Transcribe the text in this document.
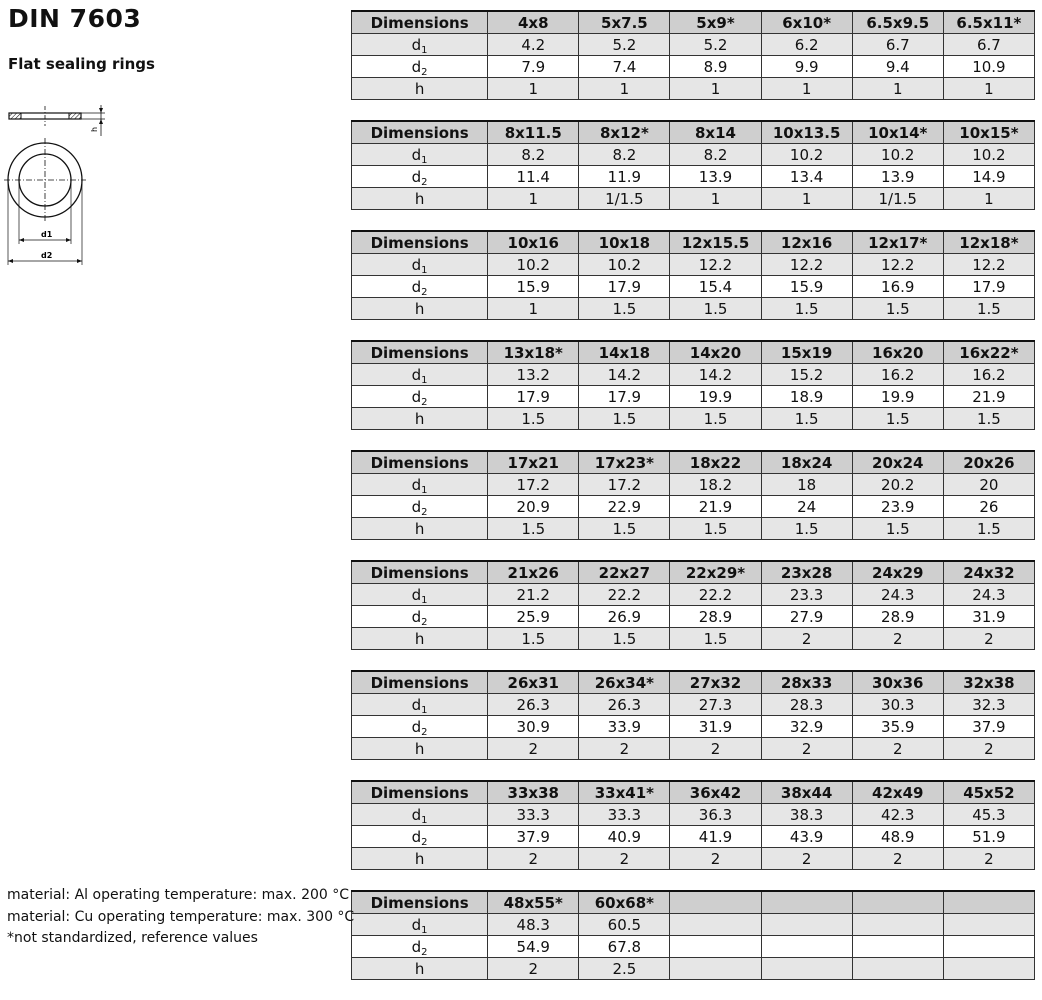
DIN 7603
Flat sealing rings
h
d1
d2
Dimensions	4x8	5x7.5	5x9*	6x10*	6.5x9.5	6.5x11*
$d_1$	4.2	5.2	5.2	6.2	6.7	6.7
$d_2$	7.9	7.4	8.9	9.9	9.4	10.9
h	1	1	1	1	1	1
Dimensions	8x11.5	8x12*	8x14	10x13.5	10x14*	10x15*
$d_1$	8.2	8.2	8.2	10.2	10.2	10.2
$d_2$	11.4	11.9	13.9	13.4	13.9	14.9
h	1	1/1.5	1	1	1/1.5	1
Dimensions	10x16	10x18	12x15.5	12x16	12x17*	12x18*
$d_1$	10.2	10.2	12.2	12.2	12.2	12.2
$d_2$	15.9	17.9	15.4	15.9	16.9	17.9
h	1	1.5	1.5	1.5	1.5	1.5
Dimensions	13x18*	14x18	14x20	15x19	16x20	16x22*
$d_1$	13.2	14.2	14.2	15.2	16.2	16.2
$d_2$	17.9	17.9	19.9	18.9	19.9	21.9
h	1.5	1.5	1.5	1.5	1.5	1.5
Dimensions	17x21	17x23*	18x22	18x24	20x24	20x26
$d_1$	17.2	17.2	18.2	18	20.2	20
$d_2$	20.9	22.9	21.9	24	23.9	26
h	1.5	1.5	1.5	1.5	1.5	1.5
Dimensions	21x26	22x27	22x29*	23x28	24x29	24x32
$d_1$	21.2	22.2	22.2	23.3	24.3	24.3
$d_2$	25.9	26.9	28.9	27.9	28.9	31.9
h	1.5	1.5	1.5	2	2	2
Dimensions	26x31	26x34*	27x32	28x33	30x36	32x38
$d_1$	26.3	26.3	27.3	28.3	30.3	32.3
$d_2$	30.9	33.9	31.9	32.9	35.9	37.9
h	2	2	2	2	2	2
Dimensions	33x38	33x41*	36x42	38x44	42x49	45x52
$d_1$	33.3	33.3	36.3	38.3	42.3	45.3
$d_2$	37.9	40.9	41.9	43.9	48.9	51.9
h	2	2	2	2	2	2
Dimensions	48x55*	60x68*				
$d_1$	48.3	60.5				
$d_2$	54.9	67.8				
h	2	2.5				
material: Al operating temperature: max. 200 °C
material: Cu operating temperature: max. 300 °C
*not standardized, reference values
